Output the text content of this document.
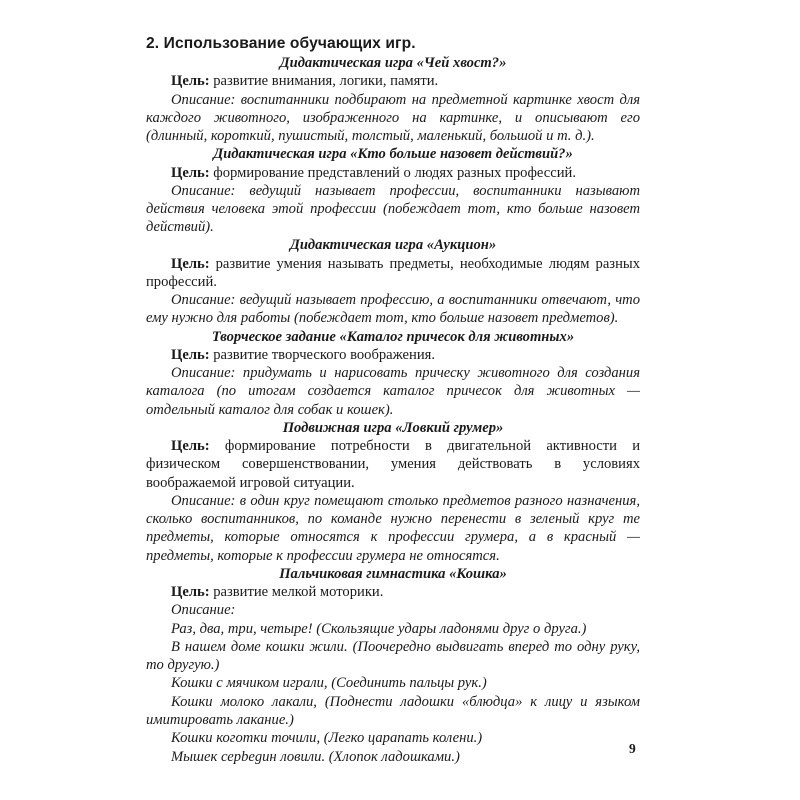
2. Использование обучающих игр.
Дидактическая игра «Чей хвост?»
Цель: развитие внимания, логики, памяти.
Описание: воспитанники подбирают на предметной картинке хвост для каждого животного, изображенного на картинке, и описывают его (длинный, короткий, пушистый, толстый, маленький, большой и т. д.).
Дидактическая игра «Кто больше назовет действий?»
Цель: формирование представлений о людях разных профессий.
Описание: ведущий называет профессии, воспитанники называют действия человека этой профессии (побеждает тот, кто больше назовет действий).
Дидактическая игра «Аукцион»
Цель: развитие умения называть предметы, необходимые людям разных профессий.
Описание: ведущий называет профессию, а воспитанники отвечают, что ему нужно для работы (побеждает тот, кто больше назовет предметов).
Творческое задание «Каталог причесок для животных»
Цель: развитие творческого воображения.
Описание: придумать и нарисовать прическу животного для создания каталога (по итогам создается каталог причесок для животных — отдельный каталог для собак и кошек).
Подвижная игра «Ловкий грумер»
Цель: формирование потребности в двигательной активности и физическом совершенствовании, умения действовать в условиях воображаемой игровой ситуации.
Описание: в один круг помещают столько предметов разного назначения, сколько воспитанников, по команде нужно перенести в зеленый круг те предметы, которые относятся к профессии грумера, а в красный — предметы, которые к профессии грумера не относятся.
Пальчиковая гимнастика «Кошка»
Цель: развитие мелкой моторики.
Описание:
Раз, два, три, четыре! (Скользящие удары ладонями друг о друга.)
В нашем доме кошки жили. (Поочередно выдвигать вперед то одну руку, то другую.)
Кошки с мячиком играли, (Соединить пальцы рук.)
Кошки молоко лакали, (Поднести ладошки «блюдца» к лицу и языком имитировать лакание.)
Кошки коготки точили, (Легко царапать колени.)
Мышек серbegин ловили. (Хлопок ладошками.)
9
